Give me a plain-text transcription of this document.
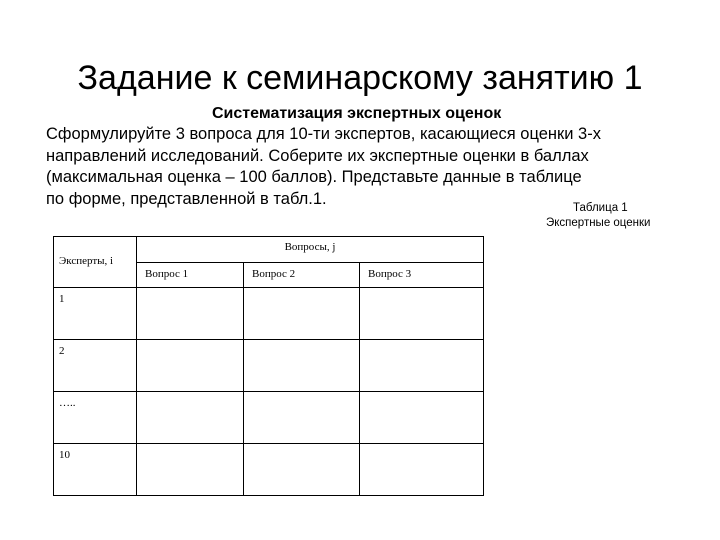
Задание к семинарскому занятию 1
Систематизация экспертных оценок
Сформулируйте 3 вопроса для 10-ти экспертов, касающиеся оценки 3-х
направлений исследований. Соберите их экспертные оценки в баллах
(максимальная оценка – 100 баллов). Представьте данные в таблице
по форме, представленной в табл.1.
Таблица 1
Экспертные оценки
Эксперты, i	Вопросы, j		

	Вопрос 1	Вопрос 2	Вопрос 3

1			

2			

…..			

10			
